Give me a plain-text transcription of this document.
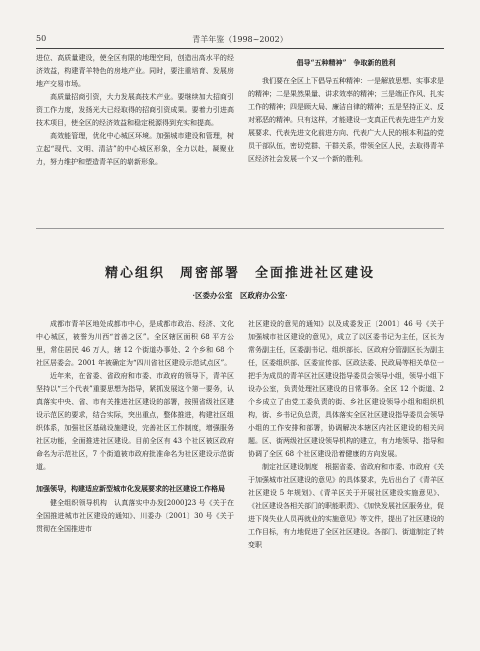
50	青羊年鉴（1998~2002）

进位、高质量建设，使全区有限的地理空间，创造出高水平的经济效益，构建青羊特色的房地产业。同时，要注重培育、发展房地产交易市场。

高质量招商引资，大力发展高技术产业。要继续加大招商引资工作力度，发扬光大已经取得的招商引资成果。要着力引进高技术项目，使全区的经济效益和稳定税源得到充实和提高。

高效能管理，优化中心城区环境。加强城市建设和管理，树立起“现代、文明、清洁”的中心城区形象，全力以赴，凝聚业力，努力维护和塑造青羊区的崭新形象。

倡导“五种精神”　争取新的胜利

我们要在全区上下倡导五种精神：一是解放思想、实事求是的精神；二是果然果量、讲求效率的精神；三是端正作风、扎实工作的精神；四是顾大局、廉洁自律的精神；五是坚持正义、反对邪恶的精神。只有这样，才能建设一支真正代表先进生产力发展要求、代表先进文化前进方向、代表广大人民的根本利益的党员干部队伍，密切党群、干群关系，带领全区人民，去取得青羊区经济社会发展一个又一个新的胜利。

精心组织　周密部署　全面推进社区建设
·区委办公室　区政府办公室·

成都市青羊区地处成都市中心，是成都市政治、经济、文化中心城区，被誉为川西“首善之区”。全区辖区面积 68 平方公里，常住居民 46 万人，辖 12 个街道办事处、2 个乡和 68 个社区居委会。2001 年被确定为“四川省社区建设示范试点区”。

近年来，在省委、省政府和市委、市政府的领导下，青羊区坚持以“三个代表”重要思想为指导，紧抓发展这个第一要务，认真落实中央、省、市有关推进社区建设的部署，按照省级社区建设示范区的要求，结合实际，突出重点，整体推进，构建社区组织体系，加强社区基础设施建设，完善社区工作制度，增强服务社区功能，全面推进社区建设。目前全区有 43 个社区被区政府命名为示范社区，7 个街道被市政府批准命名为社区建设示范街道。

加强领导，构建适应新型城市化发展要求的社区建设工作格局

健全组织领导机构　认真落实中办发[2000]23 号《关于在全国推进城市社区建设的通知》、川委办〔2001〕30 号《关于贯彻在全国推进市

社区建设的意见的通知》以及成委发正〔2001〕46 号《关于加强城市社区建设的意见》，成立了以区委书记为主任，区长为常务副主任，区委副书记、组织部长、区政府分管副区长为副主任，区委组织部、区委宣传部、区政法委、民政局等相关单位一把手为成员的青羊区社区建设指导委员会领导小组，领导小组下设办公室，负责处理社区建设的日常事务。全区 12 个街道、2 个乡成立了由党工委负责的街、乡社区建设领导小组和组织机构，街、乡书记负总责，具体落实全区社区建设指导委员会领导小组的工作安排和部署，协调解决本辖区内社区建设的相关问题。区、街两级社区建设领导机构的建立，有力地领导、指导和协调了全区 68 个社区建设沿着健康的方向发展。

制定社区建设制度　根据省委、省政府和市委、市政府《关于加强城市社区建设的意见》的具体要求，先后出台了《青羊区社区建设 5 年规划》、《青羊区关于开展社区建设实施意见》、《社区建设各相关部门的职能职责》、《加快发展社区服务业，促进下岗失业人员再就业的实施意见》等文件，提出了社区建设的工作目标，有力地促进了全区社区建设。各部门、街道制定了转变职
